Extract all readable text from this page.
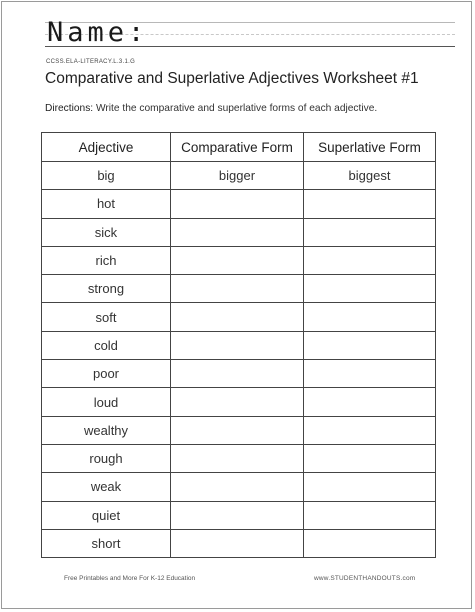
Name:
CCSS.ELA-LITERACY.L.3.1.G
Comparative and Superlative Adjectives Worksheet #1
Directions: Write the comparative and superlative forms of each adjective.
Adjective	Comparative Form	Superlative Form
big	bigger	biggest
hot		
sick		
rich		
strong		
soft		
cold		
poor		
loud		
wealthy		
rough		
weak		
quiet		
short		
Free Printables and More For K-12 Education	www.STUDENTHANDOUTS.com
